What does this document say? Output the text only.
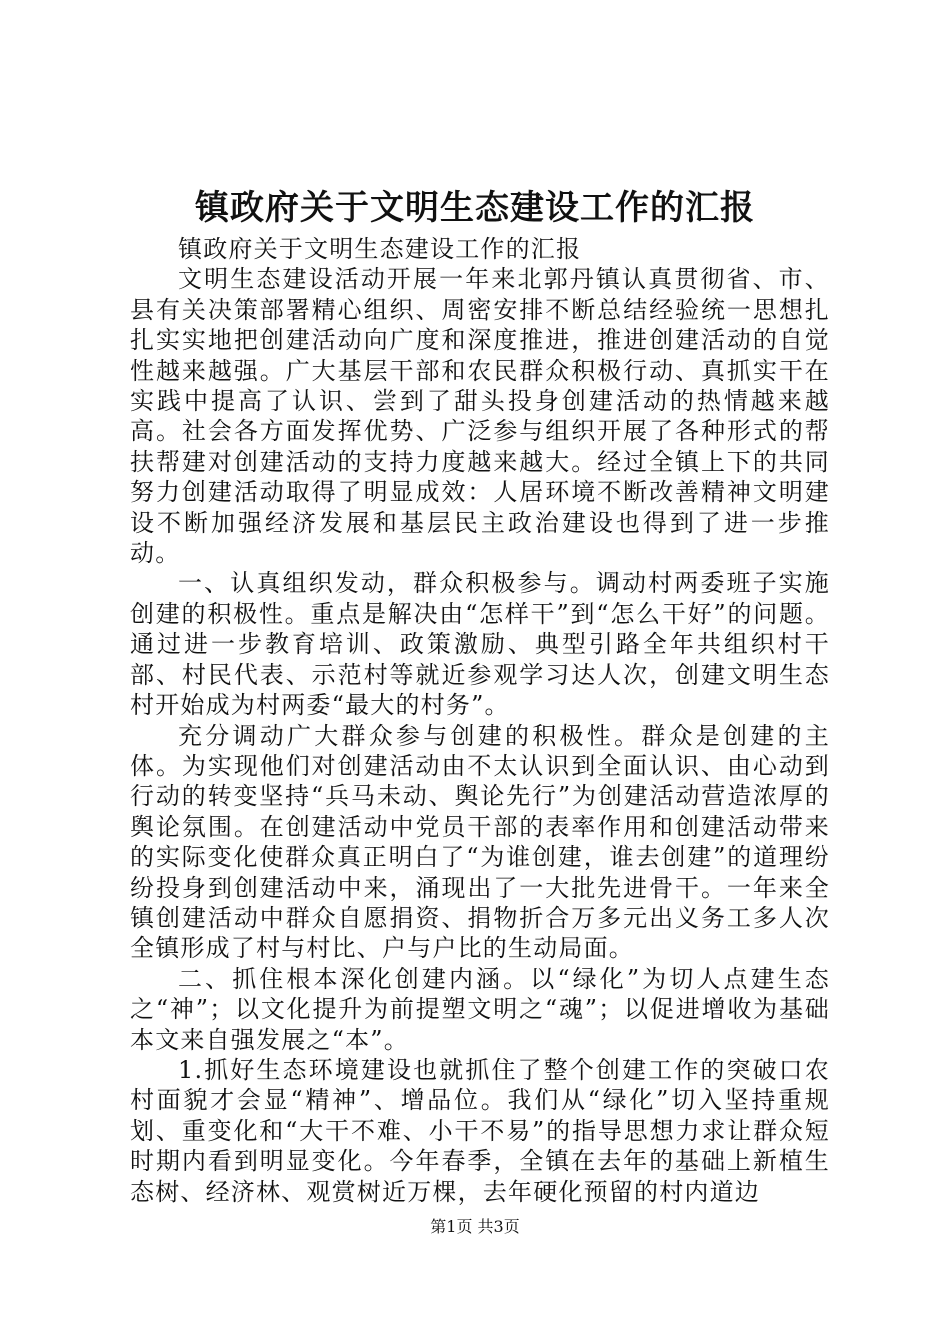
镇政府关于文明生态建设工作的汇报

镇政府关于文明生态建设工作的汇报

文明生态建设活动开展一年来北郭丹镇认真贯彻省、市、县有关决策部署精心组织、周密安排不断总结经验统一思想扎扎实实地把创建活动向广度和深度推进，推进创建活动的自觉性越来越强。广大基层干部和农民群众积极行动、真抓实干在实践中提高了认识、尝到了甜头投身创建活动的热情越来越高。社会各方面发挥优势、广泛参与组织开展了各种形式的帮扶帮建对创建活动的支持力度越来越大。经过全镇上下的共同努力创建活动取得了明显成效：人居环境不断改善精神文明建设不断加强经济发展和基层民主政治建设也得到了进一步推动。

一、认真组织发动，群众积极参与。调动村两委班子实施创建的积极性。重点是解决由“怎样干”到“怎么干好”的问题。通过进一步教育培训、政策激励、典型引路全年共组织村干部、村民代表、示范村等就近参观学习达人次，创建文明生态村开始成为村两委“最大的村务”。

充分调动广大群众参与创建的积极性。群众是创建的主体。为实现他们对创建活动由不太认识到全面认识、由心动到行动的转变坚持“兵马未动、舆论先行”为创建活动营造浓厚的舆论氛围。在创建活动中党员干部的表率作用和创建活动带来的实际变化使群众真正明白了“为谁创建，谁去创建”的道理纷纷投身到创建活动中来，涌现出了一大批先进骨干。一年来全镇创建活动中群众自愿捐资、捐物折合万多元出义务工多人次全镇形成了村与村比、户与户比的生动局面。

二、抓住根本深化创建内涵。以“绿化”为切人点建生态之“神”；以文化提升为前提塑文明之“魂”；以促进增收为基础本文来自强发展之“本”。

1.抓好生态环境建设也就抓住了整个创建工作的突破口农村面貌才会显“精神”、增品位。我们从“绿化”切入坚持重规划、重变化和“大干不难、小干不易”的指导思想力求让群众短时期内看到明显变化。今年春季，全镇在去年的基础上新植生态树、经济林、观赏树近万棵，去年硬化预留的村内道边

第1页 共3页
